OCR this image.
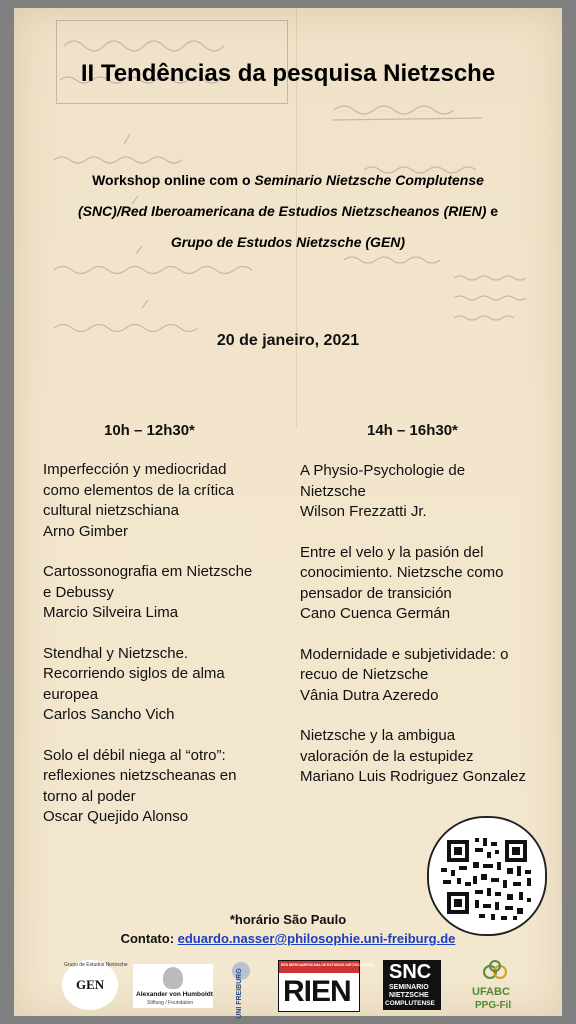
II Tendências da pesquisa Nietzsche
Workshop online com o Seminario Nietzsche Complutense
(SNC)/Red Iberoamericana de Estudios Nietzscheanos (RIEN) e
Grupo de Estudos Nietzsche (GEN)
20 de janeiro, 2021
10h – 12h30*
Imperfección y mediocridad
como elementos de la crítica
cultural nietzschiana
Arno Gimber
Cartossonografia em Nietzsche
e Debussy
Marcio Silveira Lima
Stendhal y Nietzsche.
Recorriendo siglos de alma
europea
Carlos Sancho Vich
Solo el débil niega al “otro”:
reflexiones nietzscheanas en
torno al poder
Oscar Quejido Alonso
14h – 16h30*
A Physio-Psychologie de
Nietzsche
Wilson Frezzatti Jr.
Entre el velo y la pasión del
conocimiento. Nietzsche como
pensador de transición
Cano Cuenca Germán
Modernidade e subjetividade: o
recuo de Nietzsche
Vânia Dutra Azeredo
Nietzsche y la ambigua
valoración de la estupidez
Mariano Luis Rodriguez Gonzalez
*horário São Paulo
Contato: eduardo.nasser@philosophie.uni-freiburg.de
GEN
Grupo de Estudos Nietzsche
Alexander von Humboldt
Stiftung / Foundation	UNI FREIBURG
RED IBEROAMERICANA DE ESTUDIOS NIETZSCHEANOS
RIEN
SNC
SEMINARIO
NIETZSCHE
COMPLUTENSE
UFABC
PPG-Fil
